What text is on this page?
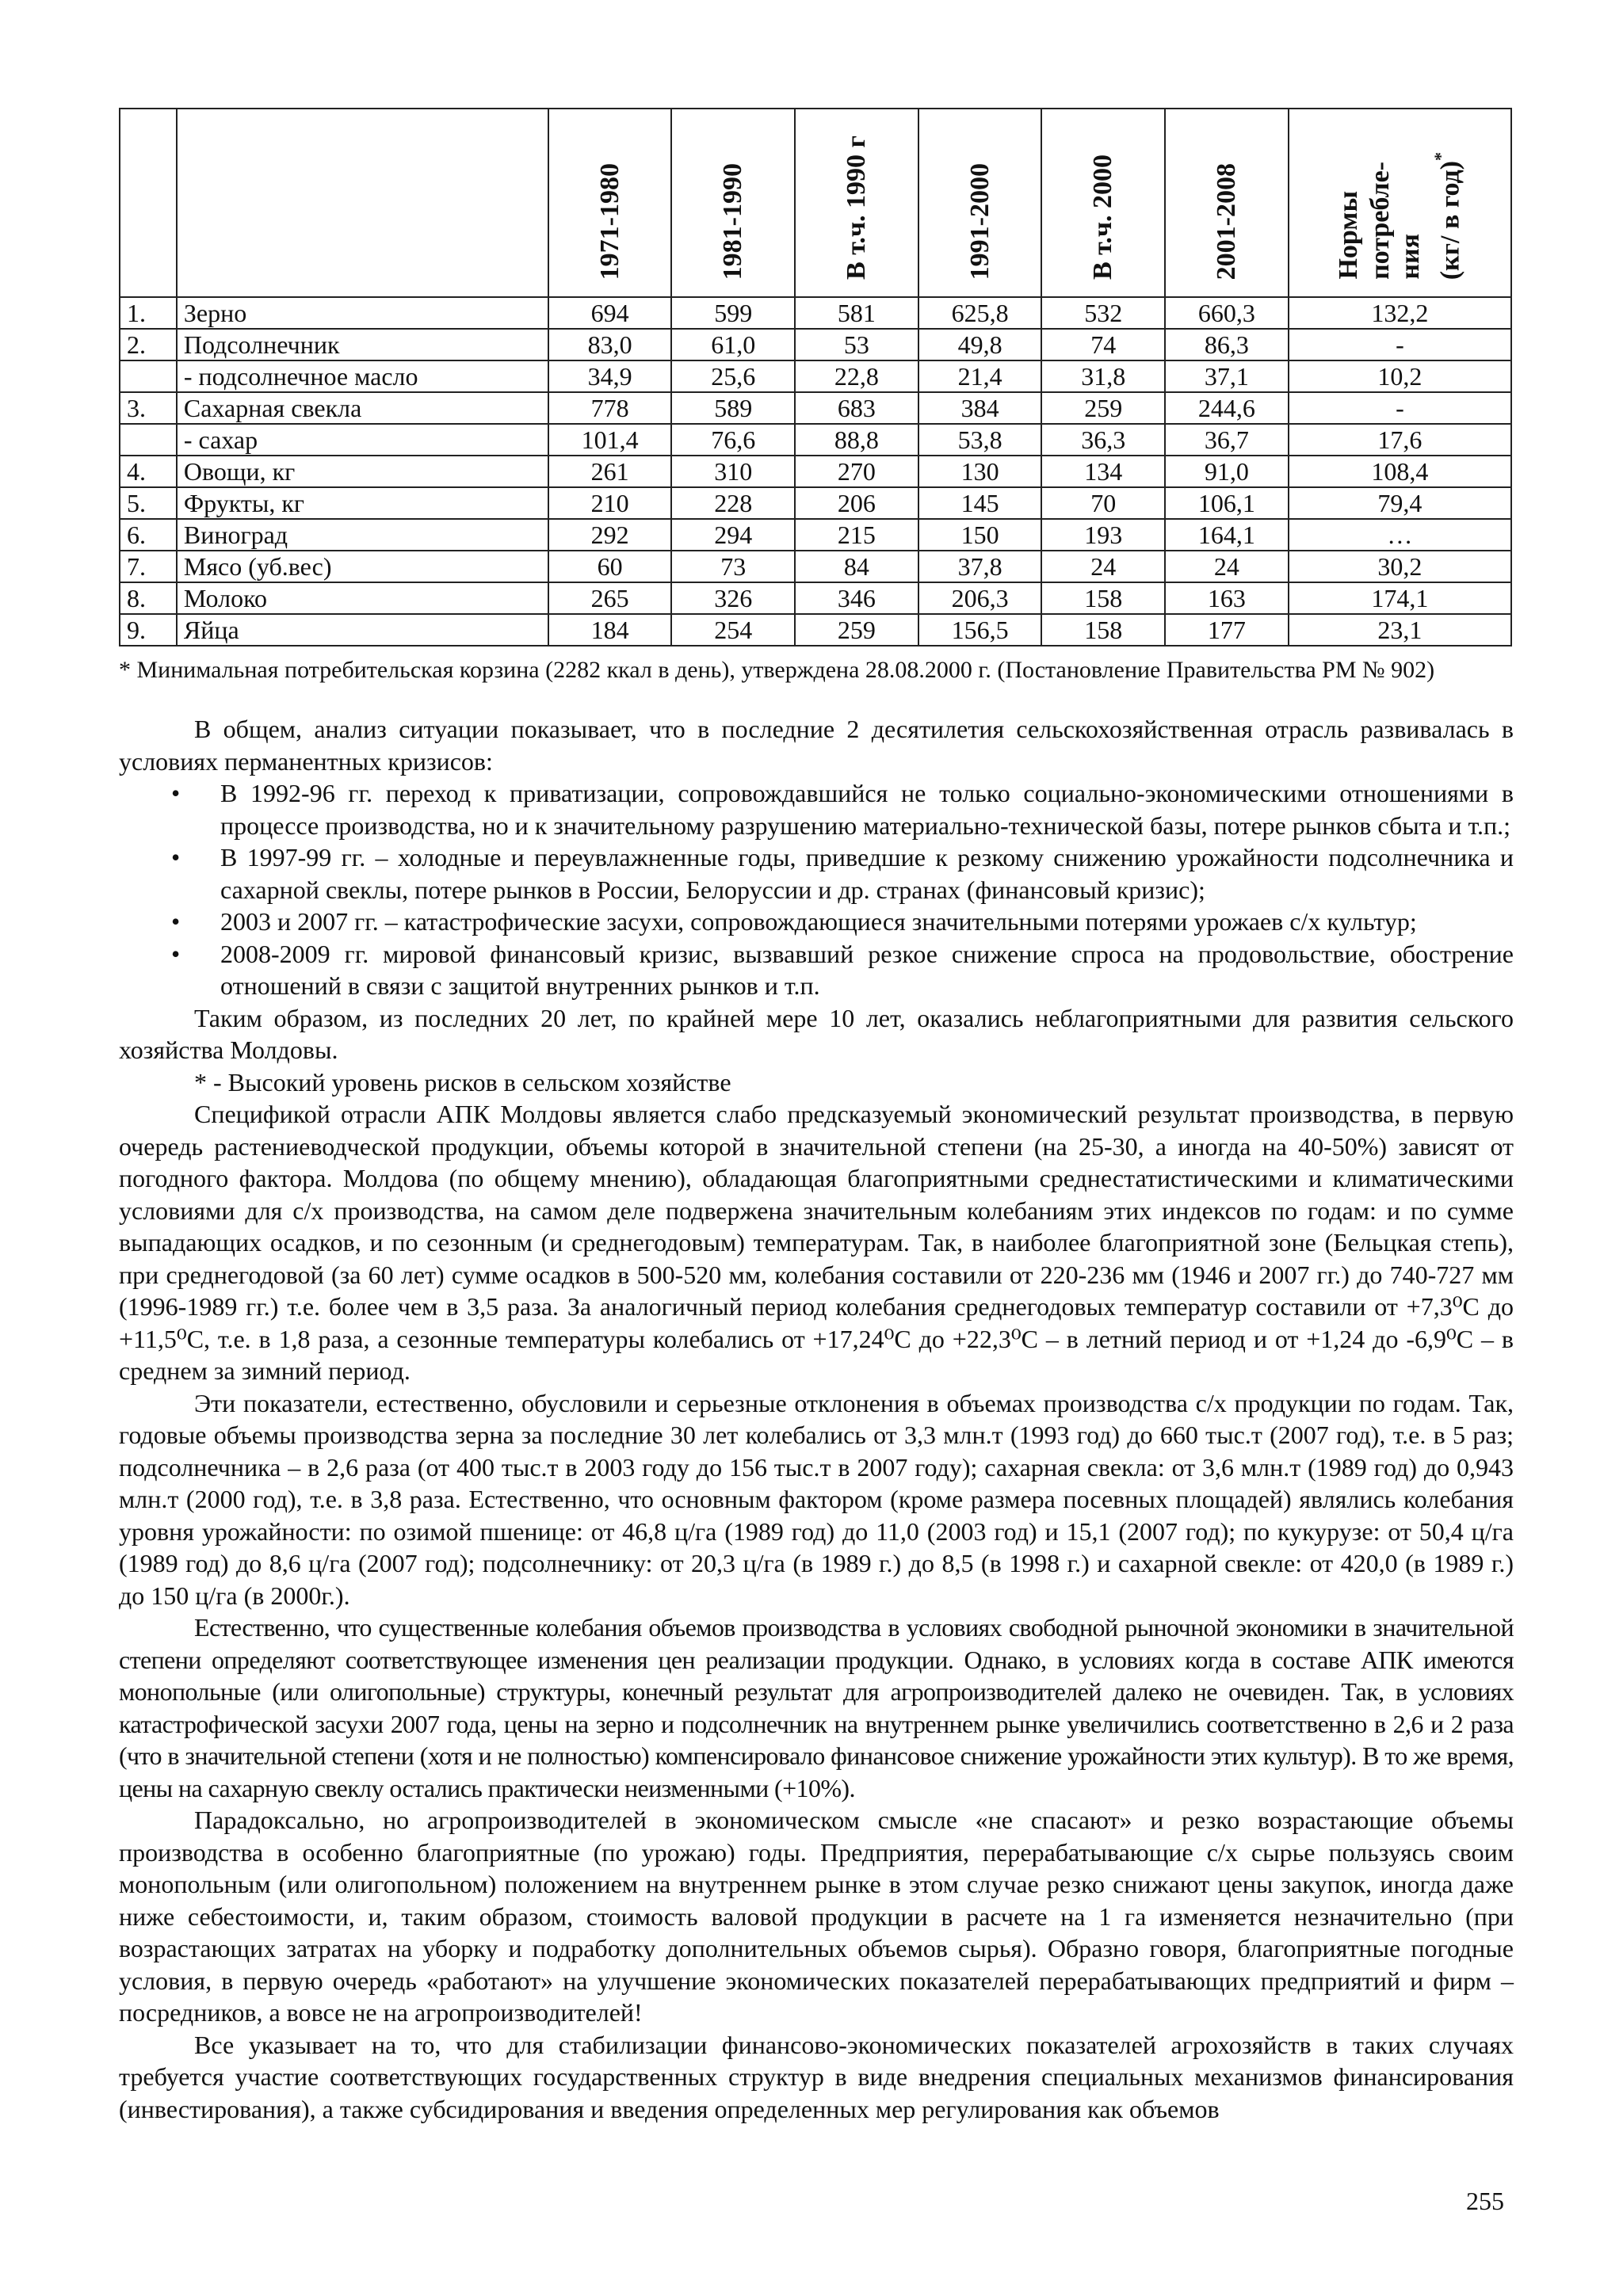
		1971-1980	1981-1990	В т.ч. 1990 г	1991-2000	В т.ч. 2000	2001-2008	Нормыпотребле-ния (кг/ в год)*
1.	Зерно	694	599	581	625,8	532	660,3	132,2
2.	Подсолнечник	83,0	61,0	53	49,8	74	86,3	-
	- подсолнечное масло	34,9	25,6	22,8	21,4	31,8	37,1	10,2
3.	Сахарная свекла	778	589	683	384	259	244,6	-
	- сахар	101,4	76,6	88,8	53,8	36,3	36,7	17,6
4.	Овощи, кг	261	310	270	130	134	91,0	108,4
5.	Фрукты, кг	210	228	206	145	70	106,1	79,4
6.	Виноград	292	294	215	150	193	164,1	…
7.	Мясо (уб.вес)	60	73	84	37,8	24	24	30,2
8.	Молоко	265	326	346	206,3	158	163	174,1
9.	Яйца	184	254	259	156,5	158	177	23,1
* Минимальная потребительская корзина (2282 ккал в день), утверждена 28.08.2000 г. (Постановление Правительства РМ № 902)

В общем, анализ ситуации показывает, что в последние 2 десятилетия сельскохозяйственная отрасль развивалась в условиях перманентных кризисов:

• В 1992-96 гг. переход к приватизации, сопровождавшийся не только социально-экономическими отношениями в процессе производства, но и к значительному разрушению материально-технической базы, потере рынков сбыта и т.п.;
• В 1997-99 гг. – холодные и переувлажненные годы, приведшие к резкому снижению урожайности подсолнечника и сахарной свеклы, потере рынков в России, Белоруссии и др. странах (финансовый кризис);
• 2003 и 2007 гг. – катастрофические засухи, сопровождающиеся значительными потерями урожаев с/х культур;
• 2008-2009 гг. мировой финансовый кризис, вызвавший резкое снижение спроса на продовольствие, обострение отношений в связи с защитой внутренних рынков и т.п.

Таким образом, из последних 20 лет, по крайней мере 10 лет, оказались неблагоприятными для развития сельского хозяйства Молдовы.

* - Высокий уровень рисков в сельском хозяйстве

Спецификой отрасли АПК Молдовы является слабо предсказуемый экономический результат производства, в первую очередь растениеводческой продукции, объемы которой в значительной степени (на 25-30, а иногда на 40-50%) зависят от погодного фактора. Молдова (по общему мнению), обладающая благоприятными среднестатистическими и климатическими условиями для с/х производства, на самом деле подвержена значительным колебаниям этих индексов по годам: и по сумме выпадающих осадков, и по сезонным (и среднегодовым) температурам. Так, в наиболее благоприятной зоне (Бельцкая степь), при среднегодовой (за 60 лет) сумме осадков в 500-520 мм, колебания составили от 220-236 мм (1946 и 2007 гг.) до 740-727 мм (1996-1989 гг.) т.е. более чем в 3,5 раза. За аналогичный период колебания среднегодовых температур составили от +7,3⁰С до +11,5⁰С, т.е. в 1,8 раза, а сезонные температуры колебались от +17,24⁰С до +22,3⁰С – в летний период и от +1,24 до -6,9⁰С – в среднем за зимний период.

Эти показатели, естественно, обусловили и серьезные отклонения в объемах производства с/х продукции по годам. Так, годовые объемы производства зерна за последние 30 лет колебались от 3,3 млн.т (1993 год) до 660 тыс.т (2007 год), т.е. в 5 раз; подсолнечника – в 2,6 раза (от 400 тыс.т в 2003 году до 156 тыс.т в 2007 году); сахарная свекла: от 3,6 млн.т (1989 год) до 0,943 млн.т (2000 год), т.е. в 3,8 раза. Естественно, что основным фактором (кроме размера посевных площадей) являлись колебания уровня урожайности: по озимой пшенице: от 46,8 ц/га (1989 год) до 11,0 (2003 год) и 15,1 (2007 год); по кукурузе: от 50,4 ц/га (1989 год) до 8,6 ц/га (2007 год); подсолнечнику: от 20,3 ц/га (в 1989 г.) до 8,5 (в 1998 г.) и сахарной свекле: от 420,0 (в 1989 г.) до 150 ц/га (в 2000г.).

Естественно, что существенные колебания объемов производства в условиях свободной рыночной экономики в значительной степени определяют соответствующее изменения цен реализации продукции. Однако, в условиях когда в составе АПК имеются монопольные (или олигопольные) структуры, конечный результат для агропроизводителей далеко не очевиден. Так, в условиях катастрофической засухи 2007 года, цены на зерно и подсолнечник на внутреннем рынке увеличились соответственно в 2,6 и 2 раза (что в значительной степени (хотя и не полностью) компенсировало финансовое снижение урожайности этих культур). В то же время, цены на сахарную свеклу остались практически неизменными (+10%).

Парадоксально, но агропроизводителей в экономическом смысле «не спасают» и резко возрастающие объемы производства в особенно благоприятные (по урожаю) годы. Предприятия, перерабатывающие с/х сырье пользуясь своим монопольным (или олигопольном) положением на внутреннем рынке в этом случае резко снижают цены закупок, иногда даже ниже себестоимости, и, таким образом, стоимость валовой продукции в расчете на 1 га изменяется незначительно (при возрастающих затратах на уборку и подработку дополнительных объемов сырья). Образно говоря, благоприятные погодные условия, в первую очередь «работают» на улучшение экономических показателей перерабатывающих предприятий и фирм – посредников, а вовсе не на агропроизводителей!

Все указывает на то, что для стабилизации финансово-экономических показателей агрохозяйств в таких случаях требуется участие соответствующих государственных структур в виде внедрения специальных механизмов финансирования (инвестирования), а также субсидирования и введения определенных мер регулирования как объемов

255
